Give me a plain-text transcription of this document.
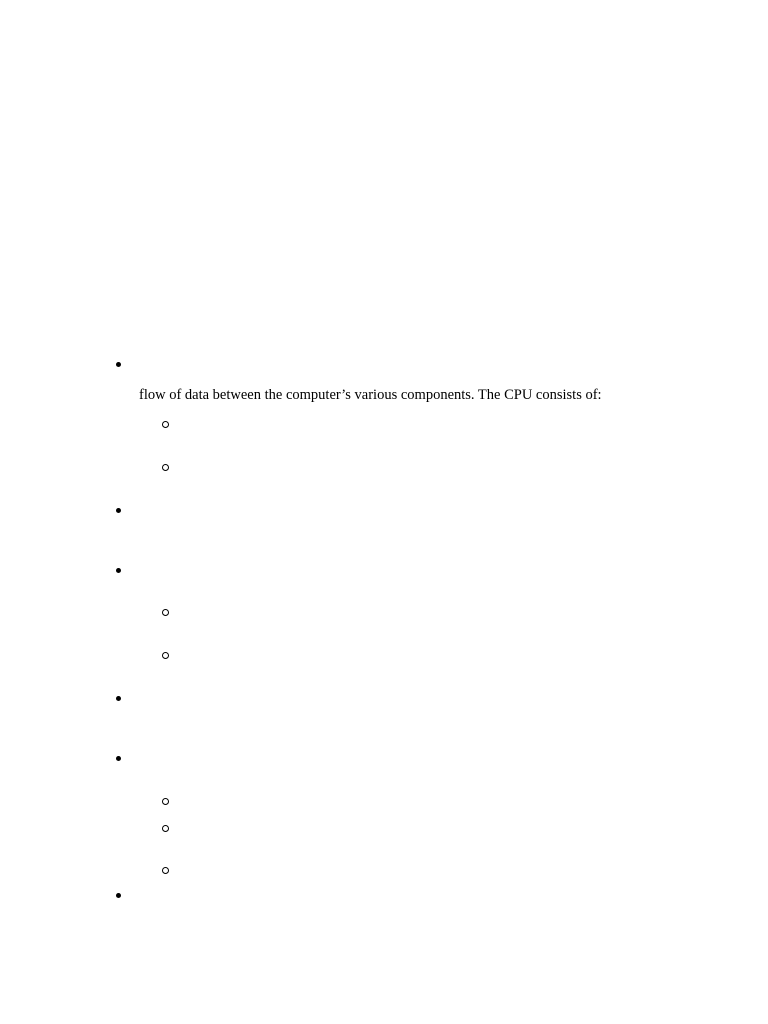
flow of data between the computer’s various components. The CPU consists of:
